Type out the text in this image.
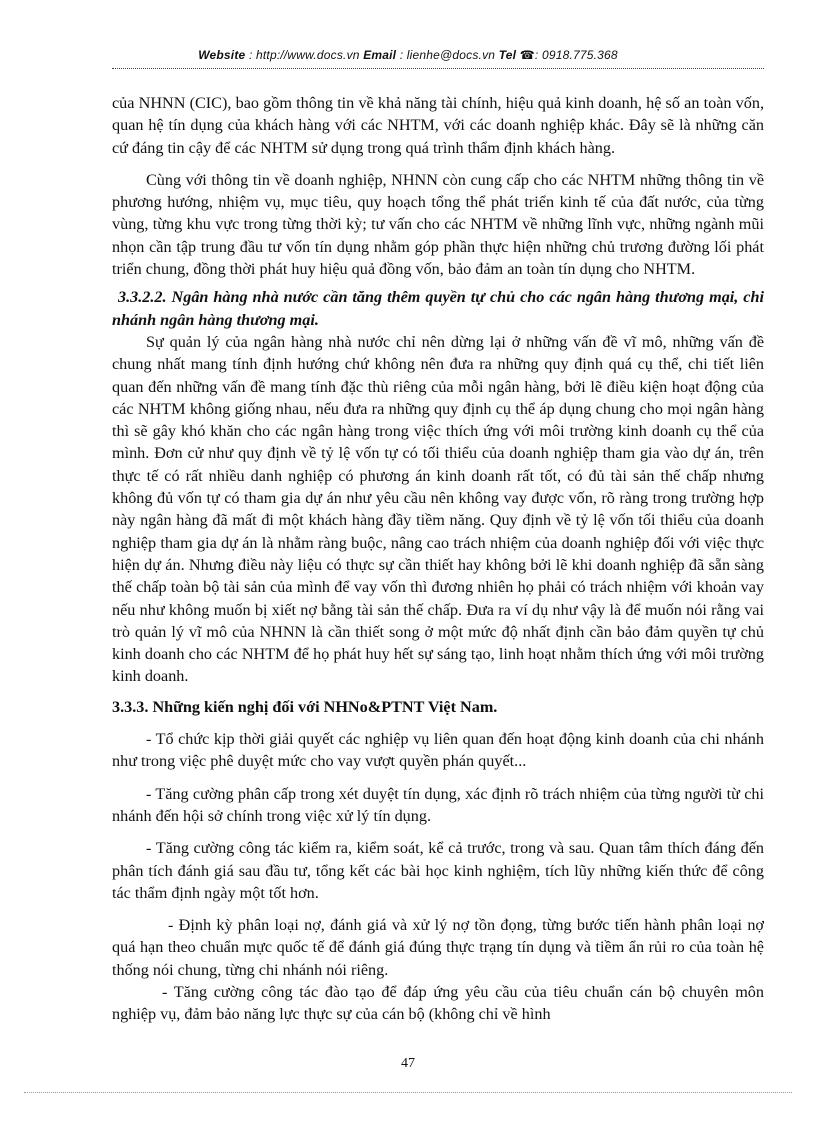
Website : http://www.docs.vn Email : lienhe@docs.vn Tel ☎: 0918.775.368

của NHNN (CIC), bao gồm thông tin về khả năng tài chính, hiệu quả kinh doanh, hệ số an toàn vốn, quan hệ tín dụng của khách hàng với các NHTM, với các doanh nghiệp khác. Đây sẽ là những căn cứ đáng tin cậy để các NHTM sử dụng trong quá trình thẩm định khách hàng.

Cùng với thông tin về doanh nghiệp, NHNN còn cung cấp cho các NHTM những thông tin về phương hướng, nhiệm vụ, mục tiêu, quy hoạch tổng thể phát triển kinh tế của đất nước, của từng vùng, từng khu vực trong từng thời kỳ; tư vấn cho các NHTM về những lĩnh vực, những ngành mũi nhọn cần tập trung đầu tư vốn tín dụng nhằm góp phần thực hiện những chủ trương đường lối phát triển chung, đồng thời phát huy hiệu quả đồng vốn, bảo đảm an toàn tín dụng cho NHTM.

3.3.2.2. Ngân hàng nhà nước cần tăng thêm quyền tự chủ cho các ngân hàng thương mại, chi nhánh ngân hàng thương mại.

Sự quản lý của ngân hàng nhà nước chỉ nên dừng lại ở những vấn đề vĩ mô, những vấn đề chung nhất mang tính định hướng chứ không nên đưa ra những quy định quá cụ thể, chi tiết liên quan đến những vấn đề mang tính đặc thù riêng của mỗi ngân hàng, bởi lẽ điều kiện hoạt động của các NHTM không giống nhau, nếu đưa ra những quy định cụ thể áp dụng chung cho mọi ngân hàng thì sẽ gây khó khăn cho các ngân hàng trong việc thích ứng với môi trường kinh doanh cụ thể của mình. Đơn cử như quy định về tỷ lệ vốn tự có tối thiểu của doanh nghiệp tham gia vào dự án, trên thực tế có rất nhiều danh nghiệp có phương án kinh doanh rất tốt, có đủ tài sản thế chấp nhưng không đủ vốn tự có tham gia dự án như yêu cầu nên không vay được vốn, rõ ràng trong trường hợp này ngân hàng đã mất đi một khách hàng đầy tiềm năng. Quy định về tỷ lệ vốn tối thiểu của doanh nghiệp tham gia dự án là nhằm ràng buộc, nâng cao trách nhiệm của doanh nghiệp đối với việc thực hiện dự án. Nhưng điều này liệu có thực sự cần thiết hay không bởi lẽ khi doanh nghiệp đã sẵn sàng thế chấp toàn bộ tài sản của mình để vay vốn thì đương nhiên họ phải có trách nhiệm với khoản vay nếu như không muốn bị xiết nợ bằng tài sản thế chấp. Đưa ra ví dụ như vậy là để muốn nói rằng vai trò quản lý vĩ mô của NHNN là cần thiết song ở một mức độ nhất định cần bảo đảm quyền tự chủ kinh doanh cho các NHTM để họ phát huy hết sự sáng tạo, linh hoạt nhằm thích ứng với môi trường kinh doanh.

3.3.3. Những kiến nghị đối với NHNo&PTNT Việt Nam.

- Tổ chức kịp thời giải quyết các nghiệp vụ liên quan đến hoạt động kinh doanh của chi nhánh như trong việc phê duyệt mức cho vay vượt quyền phán quyết...

- Tăng cường phân cấp trong xét duyệt tín dụng, xác định rõ trách nhiệm của từng người từ chi nhánh đến hội sở chính trong việc xử lý tín dụng.

- Tăng cường công tác kiểm ra, kiểm soát, kể cả trước, trong và sau. Quan tâm thích đáng đến phân tích đánh giá sau đầu tư, tổng kết các bài học kinh nghiệm, tích lũy những kiến thức để công tác thẩm định ngày một tốt hơn.

- Định kỳ phân loại nợ, đánh giá và xử lý nợ tồn đọng, từng bước tiến hành phân loại nợ quá hạn theo chuẩn mực quốc tế để đánh giá đúng thực trạng tín dụng và tiềm ẩn rủi ro của toàn hệ thống nói chung, từng chi nhánh nói riêng.

- Tăng cường công tác đào tạo để đáp ứng yêu cầu của tiêu chuẩn cán bộ chuyên môn nghiệp vụ, đảm bảo năng lực thực sự của cán bộ (không chỉ về hình

47
